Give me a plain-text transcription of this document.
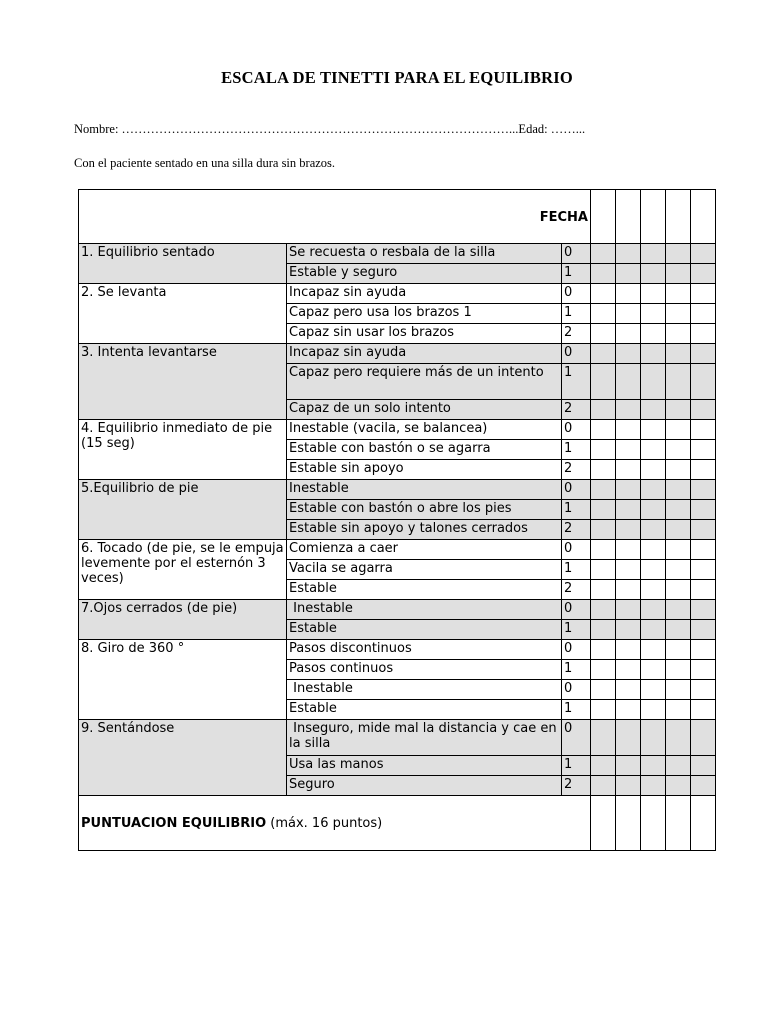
ESCALA DE TINETTI PARA EL EQUILIBRIO
Nombre: …………………………………………………………………………………...Edad: ……...
Con el paciente sentado en una silla dura sin brazos.
FECHA							
1. Equilibrio sentado	Se recuesta o resbala de la silla	0					
	Estable y seguro	1					
2. Se levanta	Incapaz sin ayuda	0					
	Capaz pero usa los brazos 1	1					
	Capaz sin usar los brazos	2					
3. Intenta levantarse	Incapaz sin ayuda	0					
	Capaz pero requiere más de un intento	1					
	Capaz de un solo intento	2					
4. Equilibrio inmediato de pie (15 seg)	Inestable (vacila, se balancea)	0					
	Estable con bastón o se agarra	1					
	Estable sin apoyo	2					
5.Equilibrio de pie	Inestable	0					
	Estable con bastón o abre los pies	1					
	Estable sin apoyo y talones cerrados	2					
6. Tocado (de pie, se le empuja levemente por el esternón 3 veces)	Comienza a caer	0					
	Vacila se agarra	1					
	Estable	2					
7.Ojos cerrados (de pie)	Inestable	0					
	Estable	1					
8. Giro de 360 °	Pasos discontinuos	0					
	Pasos continuos	1					
	Inestable	0					
	Estable	1					
9. Sentándose	Inseguro, mide mal la distancia y cae en la silla	0					
	Usa las manos	1					
	Seguro	2					
PUNTUACION EQUILIBRIO (máx. 16 puntos)							
